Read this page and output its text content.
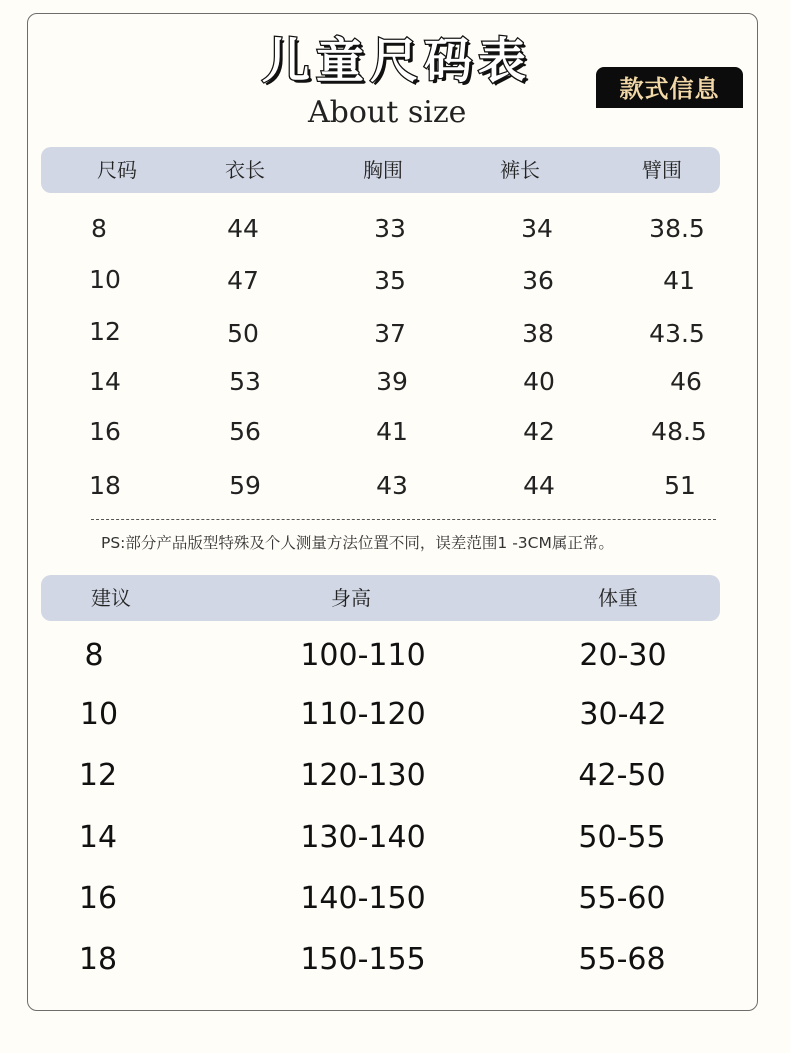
儿童尺码表
About size
款式信息
尺码	衣长	胸围	裤长	臂围
8	44	33	34	38.5
10	47	35	36	41
12	50	37	38	43.5
14	53	39	40	46
16	56	41	42	48.5
18	59	43	44	51
PS:部分产品版型特殊及个人测量方法位置不同，误差范围1 -3CM属正常。
建议	身高	体重
8	100-110	20-30
10	110-120	30-42
12	120-130	42-50
14	130-140	50-55
16	140-150	55-60
18	150-155	55-68
